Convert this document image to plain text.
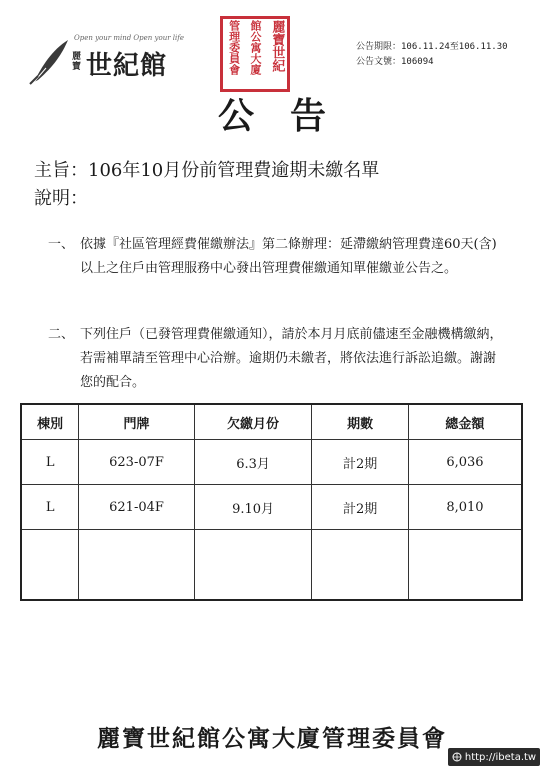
Open your mind Open your life
麗寶 世紀館	麗寶世紀
館公寓大廈
管理委員會	公告期限：106.11.24至106.11.30
公告文號：106094
公告
主旨：106年10月份前管理費逾期未繳名單
說明：
一、 依據『社區管理經費催繳辦法』第二條辦理：延滯繳納管理費達60天(含)以上之住戶由管理服務中心發出管理費催繳通知單催繳並公告之。
二、 下列住戶（已發管理費催繳通知），請於本月月底前儘速至金融機構繳納，若需補單請至管理中心洽辦。逾期仍未繳者，將依法進行訴訟追繳。謝謝您的配合。
棟別	門牌	欠繳月份	期數	總金額
L	623-07F	6.3月	計2期	6,036
L	621-04F	9.10月	計2期	8,010

麗寶世紀館公寓大廈管理委員會
http://ibeta.tw
